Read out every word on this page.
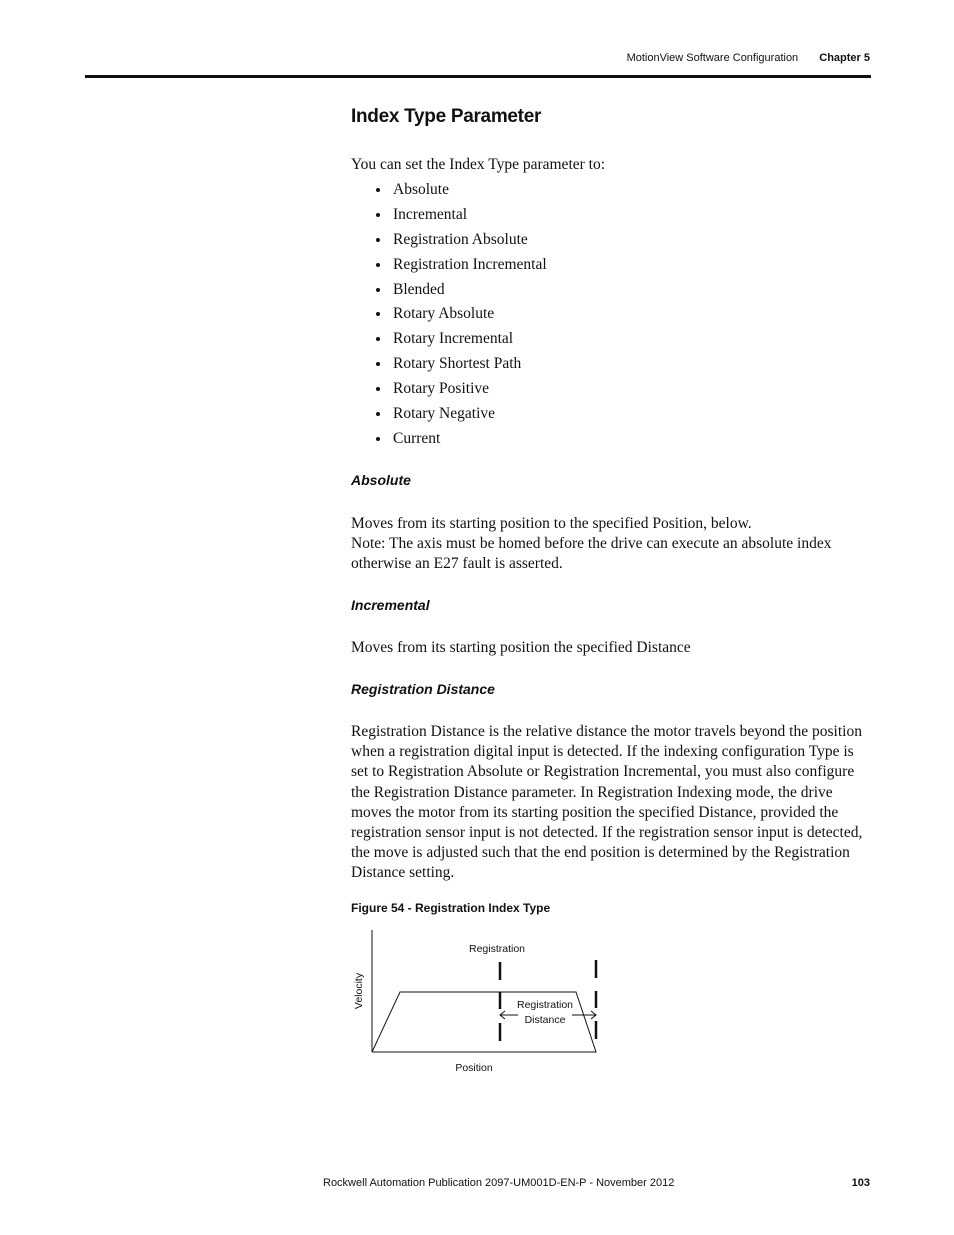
MotionView Software Configuration Chapter 5
Index Type Parameter

You can set the Index Type parameter to:

Absolute
Incremental
Registration Absolute
Registration Incremental
Blended
Rotary Absolute
Rotary Incremental
Rotary Shortest Path
Rotary Positive
Rotary Negative
Current
Absolute

Moves from its starting position to the specified Position, below.

Note: The axis must be homed before the drive can execute an absolute index otherwise an E27 fault is asserted.

Incremental

Moves from its starting position the specified Distance

Registration Distance

Registration Distance is the relative distance the motor travels beyond the position when a registration digital input is detected. If the indexing configuration Type is set to Registration Absolute or Registration Incremental, you must also configure the Registration Distance parameter. In Registration Indexing mode, the drive moves the motor from its starting position the specified Distance, provided the registration sensor input is not detected. If the registration sensor input is detected, the move is adjusted such that the end position is determined by the Registration Distance setting.

Figure 54 - Registration Index Type

Registration
Registration
Distance
Velocity
Position
Rockwell Automation Publication 2097-UM001D-EN-P - November 2012	103
